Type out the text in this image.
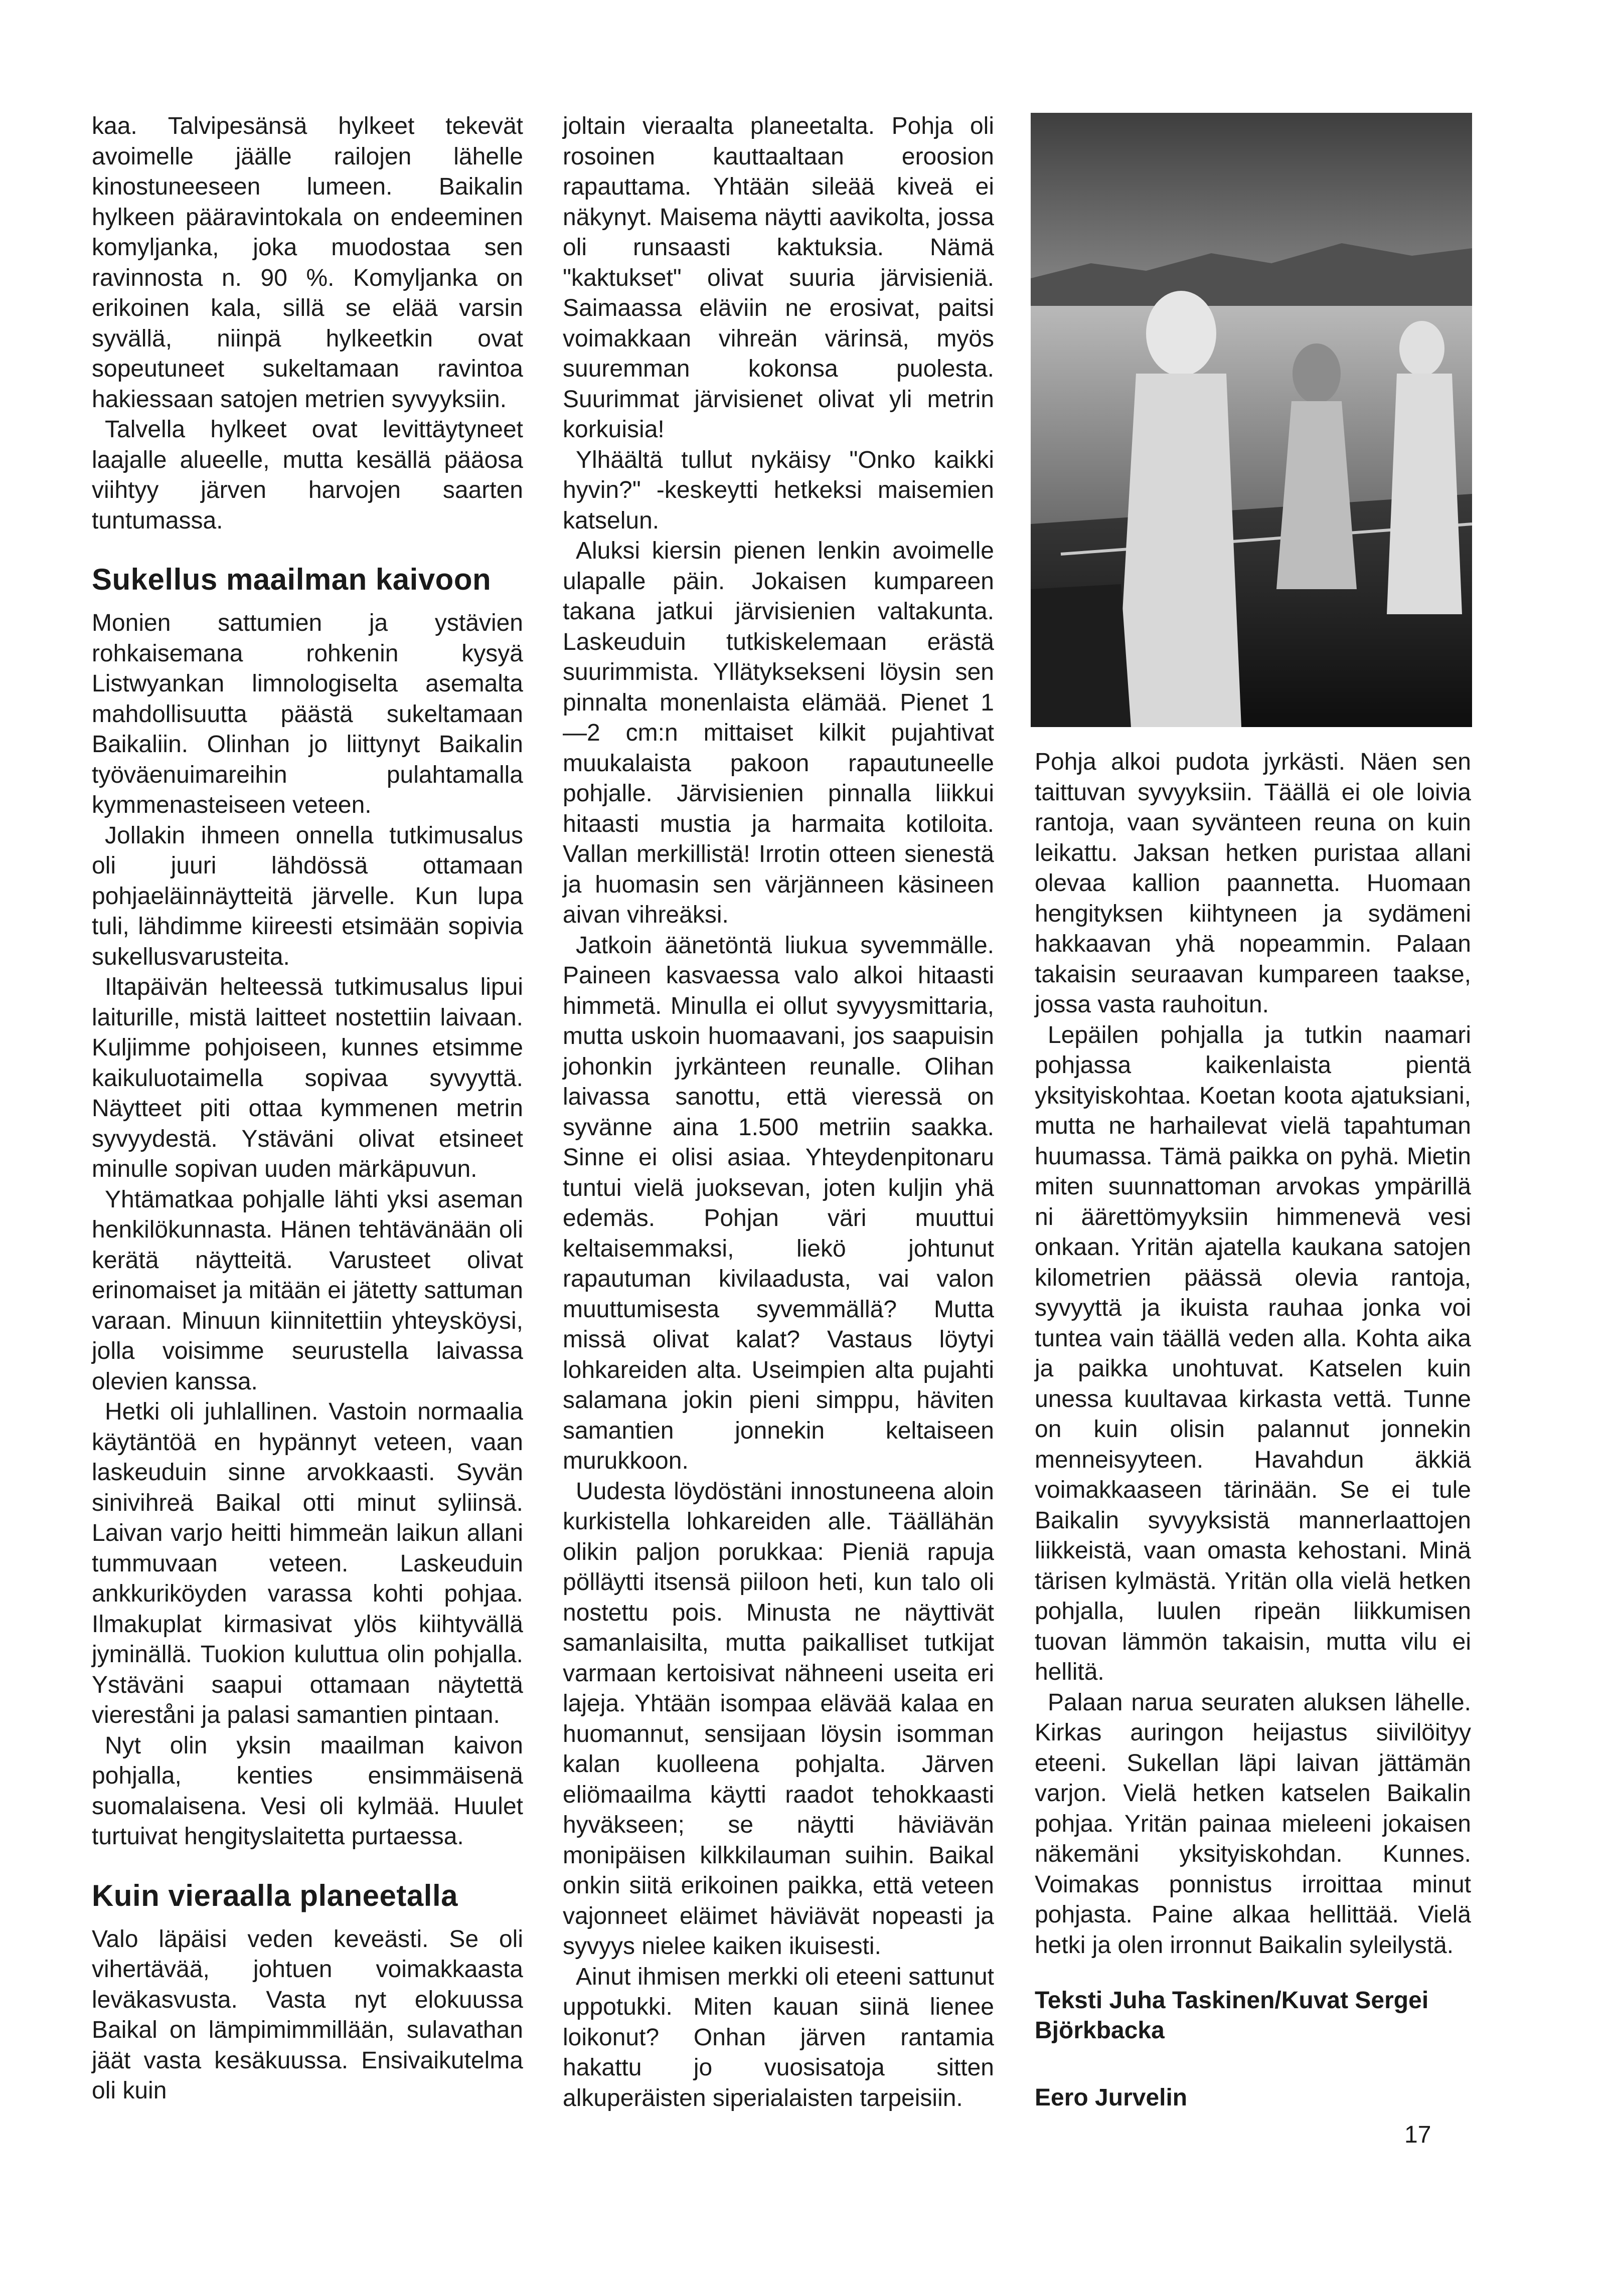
kaa. Talvipesänsä hylkeet tekevät avoimelle jäälle railojen lähelle kinostuneeseen lumeen. Baikalin hylkeen pääravintokala on endeeminen komyljanka, joka muodostaa sen ravinnosta n. 90 %. Komyljanka on erikoinen kala, sillä se elää varsin syvällä, niinpä hylkeetkin ovat sopeutuneet sukeltamaan ravintoa hakiessaan satojen metrien syvyyksiin.

Talvella hylkeet ovat levittäytyneet laajalle alueelle, mutta kesällä pääosa viihtyy järven harvojen saarten tuntumassa.

Sukellus maailman kaivoon

Monien sattumien ja ystävien rohkaisemana rohkenin kysyä Listwyankan limnologiselta asemalta mahdollisuutta päästä sukeltamaan Baikaliin. Olinhan jo liittynyt Baikalin työväenuimareihin pulahtamalla kymmenasteiseen veteen.

Jollakin ihmeen onnella tutkimusalus oli juuri lähdössä ottamaan pohjaeläinnäytteitä järvelle. Kun lupa tuli, lähdimme kiireesti etsimään sopivia sukellusvarusteita.

Iltapäivän helteessä tutkimusalus lipui laiturille, mistä laitteet nostettiin laivaan. Kuljimme pohjoiseen, kunnes etsimme kaikuluotaimella sopivaa syvyyttä. Näytteet piti ottaa kymmenen metrin syvyydestä. Ystäväni olivat etsineet minulle sopivan uuden märkäpuvun.

Yhtämatkaa pohjalle lähti yksi aseman henkilökunnasta. Hänen tehtävänään oli kerätä näytteitä. Varusteet olivat erinomaiset ja mitään ei jätetty sattuman varaan. Minuun kiinnitettiin yhteysköysi, jolla voisimme seurustella laivassa olevien kanssa.

Hetki oli juhlallinen. Vastoin normaalia käytäntöä en hypännyt veteen, vaan laskeuduin sinne arvokkaasti. Syvän sinivihreä Baikal otti minut syliinsä. Laivan varjo heitti himmeän laikun allani tummuvaan veteen. Laskeuduin ankkuriköyden varassa kohti pohjaa. Ilmakuplat kirmasivat ylös kiihtyvällä jyminällä. Tuokion kuluttua olin pohjalla. Ystäväni saapui ottamaan näytettä viereståni ja palasi samantien pintaan.

Nyt olin yksin maailman kaivon pohjalla, kenties ensimmäisenä suomalaisena. Vesi oli kylmää. Huulet turtuivat hengityslaitetta purtaessa.

Kuin vieraalla planeetalla

Valo läpäisi veden keveästi. Se oli vihertävää, johtuen voimakkaasta leväkasvusta. Vasta nyt elokuussa Baikal on lämpimimmillään, sulavathan jäät vasta kesäkuussa. Ensivaikutelma oli kuin

joltain vieraalta planeetalta. Pohja oli rosoinen kauttaaltaan eroosion rapauttama. Yhtään sileää kiveä ei näkynyt. Maisema näytti aavikolta, jossa oli runsaasti kaktuksia. Nämä "kaktukset" olivat suuria järvisieniä. Saimaassa eläviin ne erosivat, paitsi voimakkaan vihreän värinsä, myös suuremman kokonsa puolesta. Suurimmat järvisienet olivat yli metrin korkuisia!

Ylhäältä tullut nykäisy "Onko kaikki hyvin?" -keskeytti hetkeksi maisemien katselun.

Aluksi kiersin pienen lenkin avoimelle ulapalle päin. Jokaisen kumpareen takana jatkui järvisienien valtakunta. Laskeuduin tutkiskelemaan erästä suurimmista. Yllätyksekseni löysin sen pinnalta monenlaista elämää. Pienet 1—2 cm:n mittaiset kilkit pujahtivat muukalaista pakoon rapautuneelle pohjalle. Järvisienien pinnalla liikkui hitaasti mustia ja harmaita kotiloita. Vallan merkillistä! Irrotin otteen sienestä ja huomasin sen värjänneen käsineen aivan vihreäksi.

Jatkoin äänetöntä liukua syvemmälle. Paineen kasvaessa valo alkoi hitaasti himmetä. Minulla ei ollut syvyysmittaria, mutta uskoin huomaavani, jos saapuisin johonkin jyrkänteen reunalle. Olihan laivassa sanottu, että vieressä on syvänne aina 1.500 metriin saakka. Sinne ei olisi asiaa. Yhteydenpitonaru tuntui vielä juoksevan, joten kuljin yhä edemäs. Pohjan väri muuttui keltaisemmaksi, liekö johtunut rapautuman kivilaadusta, vai valon muuttumisesta syvemmällä? Mutta missä olivat kalat? Vastaus löytyi lohkareiden alta. Useimpien alta pujahti salamana jokin pieni simppu, häviten samantien jonnekin keltaiseen murukkoon.

Uudesta löydöstäni innostuneena aloin kurkistella lohkareiden alle. Täällähän olikin paljon porukkaa: Pieniä rapuja pölläytti itsensä piiloon heti, kun talo oli nostettu pois. Minusta ne näyttivät samanlaisilta, mutta paikalliset tutkijat varmaan kertoisivat nähneeni useita eri lajeja. Yhtään isompaa elävää kalaa en huomannut, sensijaan löysin isomman kalan kuolleena pohjalta. Järven eliömaailma käytti raadot tehokkaasti hyväkseen; se näytti häviävän monipäisen kilkkilauman suihin. Baikal onkin siitä erikoinen paikka, että veteen vajonneet eläimet häviävät nopeasti ja syvyys nielee kaiken ikuisesti.

Ainut ihmisen merkki oli eteeni sattunut uppotukki. Miten kauan siinä lienee loikonut? Onhan järven rantamia hakattu jo vuosisatoja sitten alkuperäisten siperialaisten tarpeisiin.

Pohja alkoi pudota jyrkästi. Näen sen taittuvan syvyyksiin. Täällä ei ole loivia rantoja, vaan syvänteen reuna on kuin leikattu. Jaksan hetken puristaa allani olevaa kallion paannetta. Huomaan hengityksen kiihtyneen ja sydämeni hakkaavan yhä nopeammin. Palaan takaisin seuraavan kumpareen taakse, jossa vasta rauhoitun.

Lepäilen pohjalla ja tutkin naamari pohjassa kaikenlaista pientä yksityiskohtaa. Koetan koota ajatuksiani, mutta ne harhailevat vielä tapahtuman huumassa. Tämä paikka on pyhä. Mietin miten suunnattoman arvokas ympärillä ni äärettömyyksiin himmenevä vesi onkaan. Yritän ajatella kaukana satojen kilometrien päässä olevia rantoja, syvyyttä ja ikuista rauhaa jonka voi tuntea vain täällä veden alla. Kohta aika ja paikka unohtuvat. Katselen kuin unessa kuultavaa kirkasta vettä. Tunne on kuin olisin palannut jonnekin menneisyyteen. Havahdun äkkiä voimakkaaseen tärinään. Se ei tule Baikalin syvyyksistä mannerlaattojen liikkeistä, vaan omasta kehostani. Minä tärisen kylmästä. Yritän olla vielä hetken pohjalla, luulen ripeän liikkumisen tuovan lämmön takaisin, mutta vilu ei hellitä.

Palaan narua seuraten aluksen lähelle. Kirkas auringon heijastus siivilöityy eteeni. Sukellan läpi laivan jättämän varjon. Vielä hetken katselen Baikalin pohjaa. Yritän painaa mieleeni jokaisen näkemäni yksityiskohdan. Kunnes. Voimakas ponnistus irroittaa minut pohjasta. Paine alkaa hellittää. Vielä hetki ja olen irronnut Baikalin syleilystä.

Teksti Juha Taskinen/Kuvat Sergei Björkbacka

Eero Jurvelin
17
